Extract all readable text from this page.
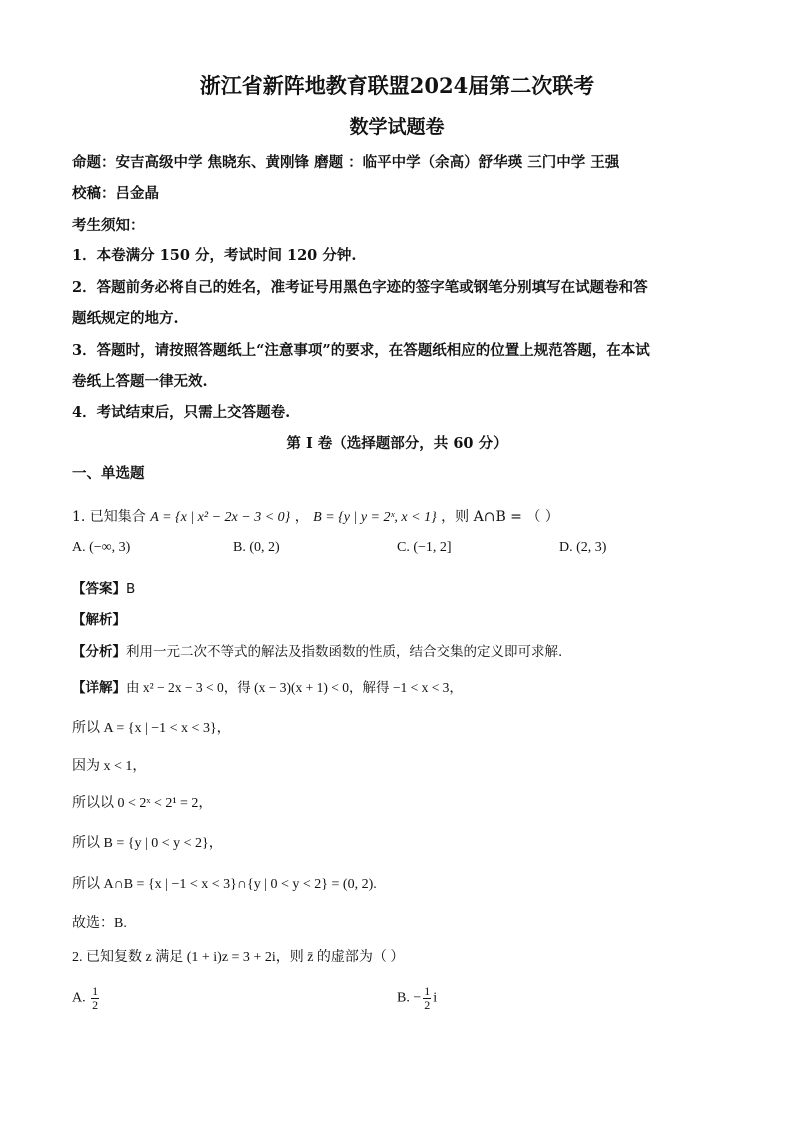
浙江省新阵地教育联盟2024届第二次联考
数学试题卷
命题：安吉高级中学 焦晓东、黄刚锋 磨题 ：临平中学（余高）舒华瑛 三门中学 王强
校稿：吕金晶
考生须知：
1．本卷满分 150 分，考试时间 120 分钟.
2．答题前务必将自己的姓名，准考证号用黑色字迹的签字笔或钢笔分别填写在试题卷和答
题纸规定的地方.
3．答题时，请按照答题纸上“注意事项”的要求，在答题纸相应的位置上规范答题，在本试
卷纸上答题一律无效.
4．考试结束后，只需上交答题卷.
第 I 卷（选择题部分，共 60 分）
一、单选题
1. 已知集合 A = {x | x² − 2x − 3 < 0} ， B = {y | y = 2ˣ, x < 1} ，则 A∩B = （ ）
A. (−∞, 3)	B. (0, 2)	C. (−1, 2]	D. (2, 3)
【答案】B
【解析】
【分析】利用一元二次不等式的解法及指数函数的性质，结合交集的定义即可求解.
【详解】由 x² − 2x − 3 < 0，得 (x − 3)(x + 1) < 0，解得 −1 < x < 3，
所以 A = {x | −1 < x < 3}，
因为 x < 1，
所以以 0 < 2ˣ < 2¹ = 2，
所以 B = {y | 0 < y < 2}，
所以 A∩B = {x | −1 < x < 3}∩{y | 0 < y < 2} = (0, 2).
故选：B.
2. 已知复数 z 满足 (1 + i)z = 3 + 2i，则 z̄ 的虚部为（ ）
A. $\frac{1}{2}$	B. − $\frac{1}{2}$ i
